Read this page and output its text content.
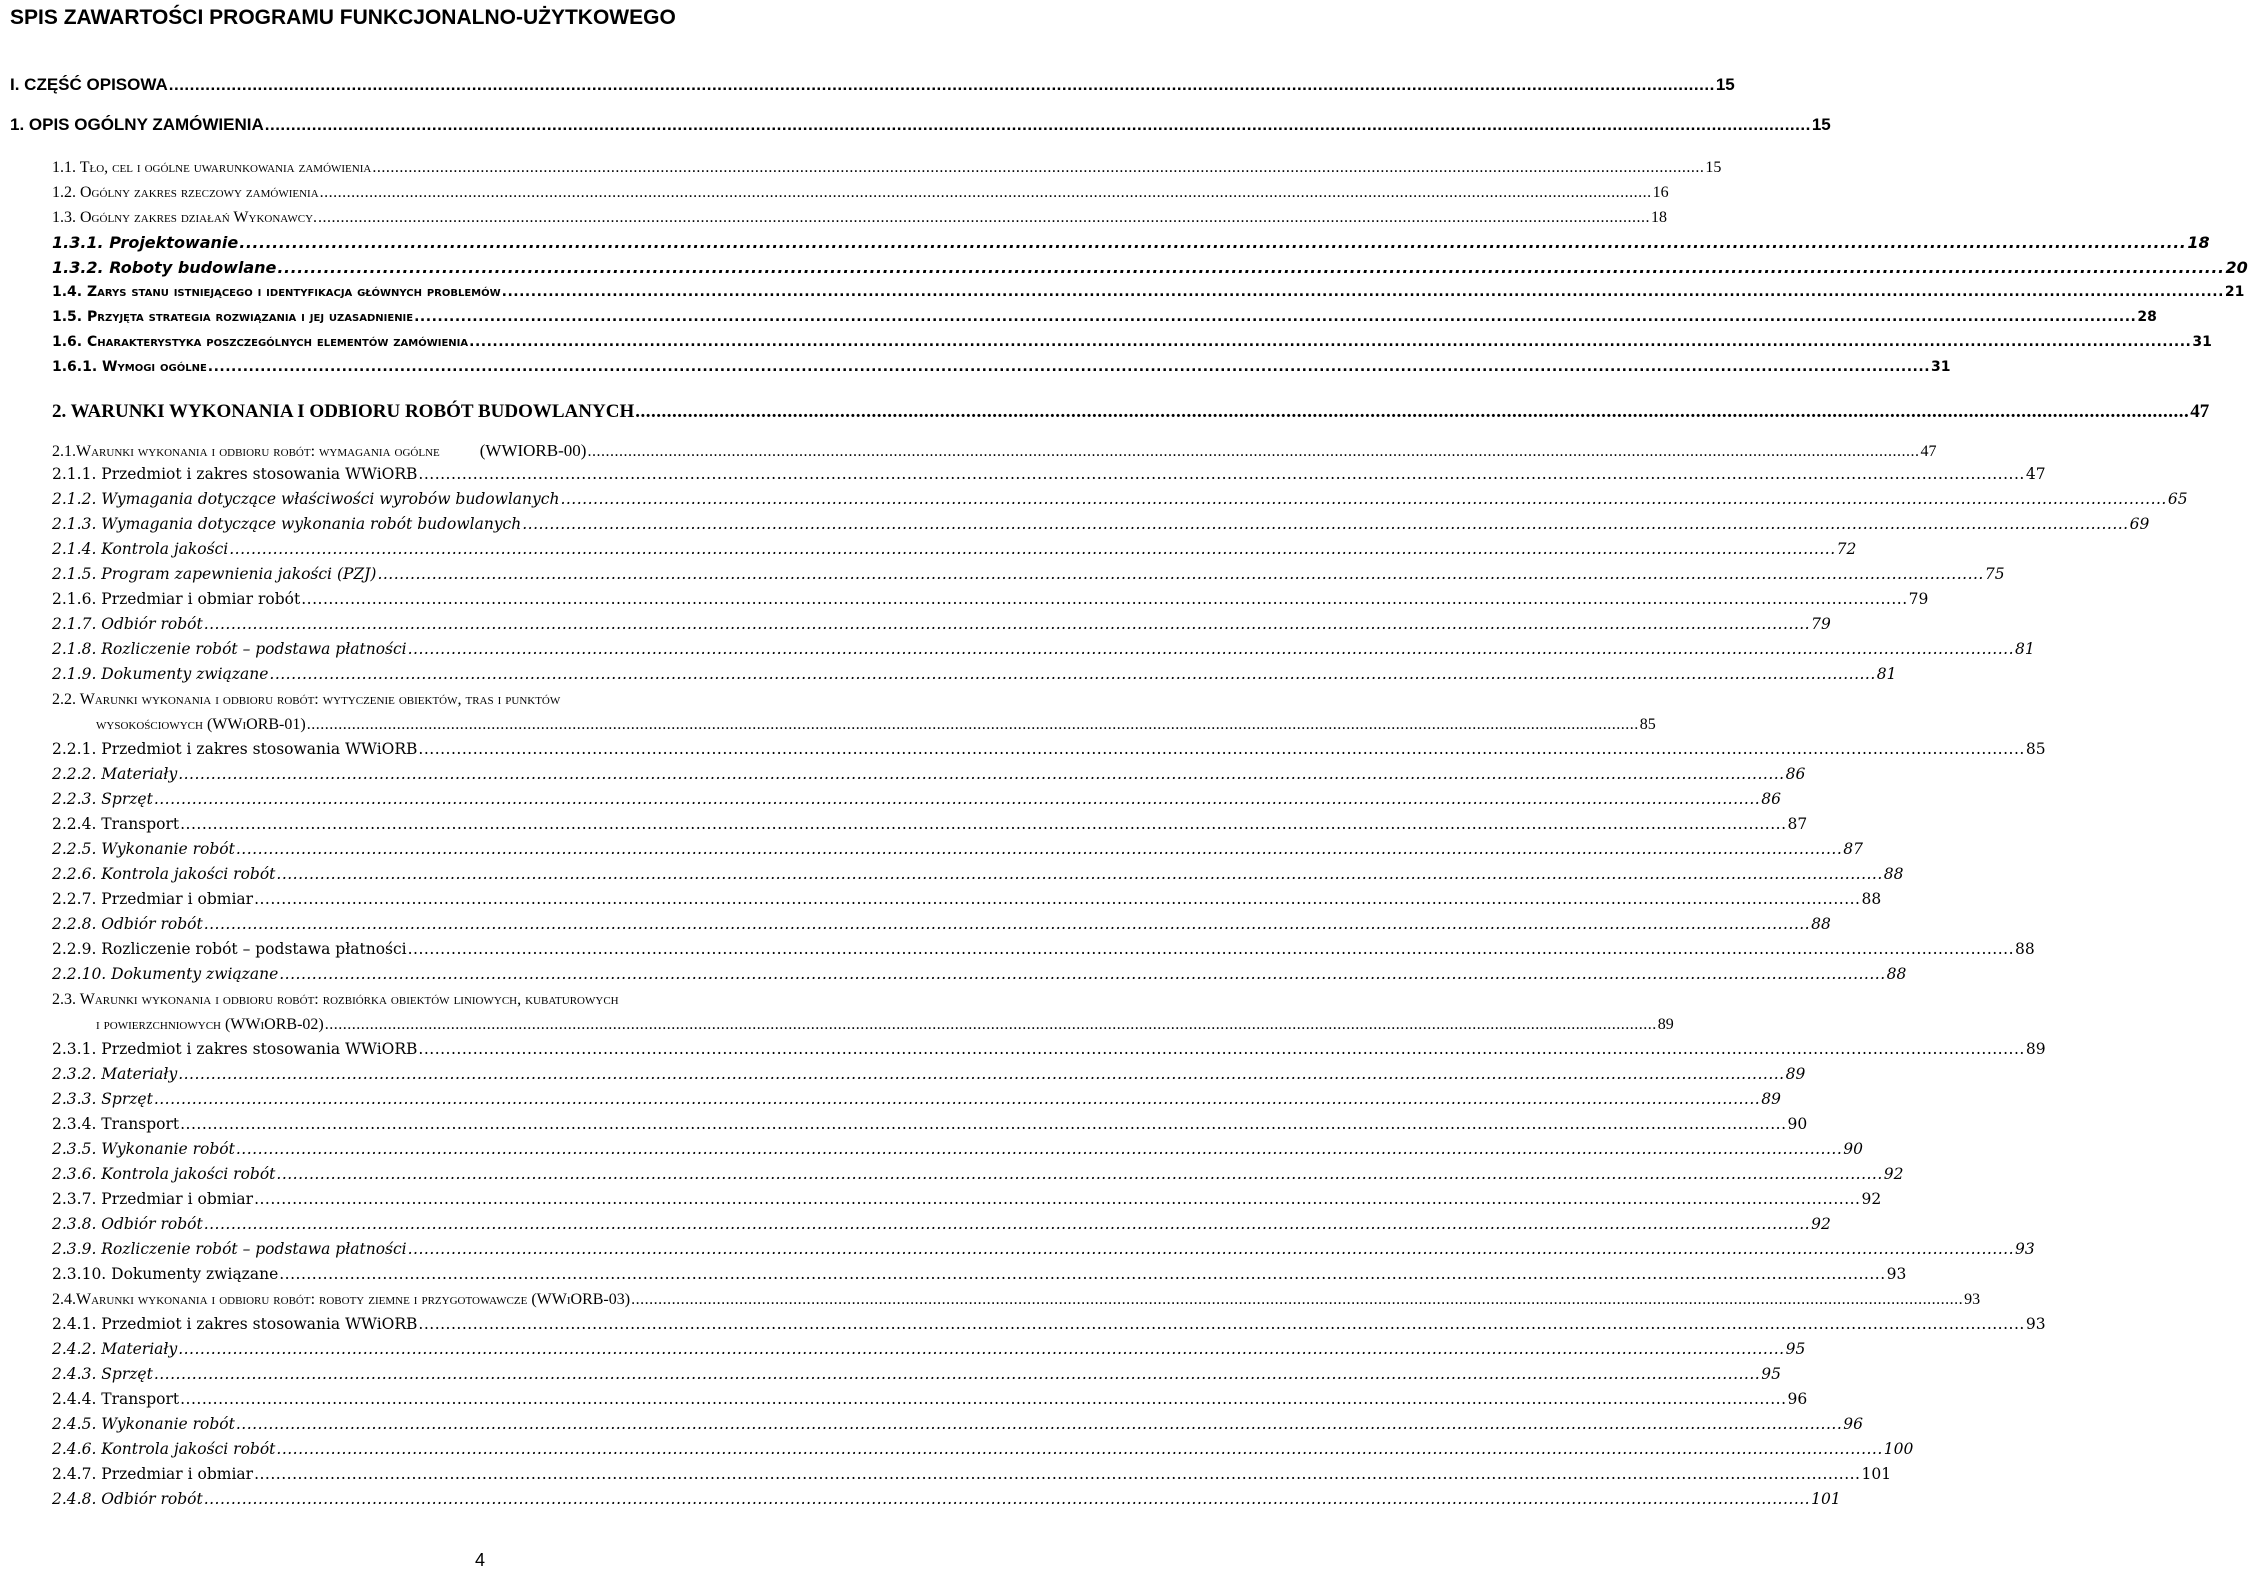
SPIS ZAWARTOŚCI PROGRAMU FUNKCJONALNO-UŻYTKOWEGO
I. CZĘŚĆ OPISOWA .....	15
1. OPIS OGÓLNY ZAMÓWIENIA .....	15
1.1. Tło, cel i ogólne uwarunkowania zamówienia .....	15
1.2. Ogólny zakres rzeczowy zamówienia .....	16
1.3. Ogólny zakres działań Wykonawcy. .....	18
1.3.1. Projektowanie .....	18
1.3.2. Roboty budowlane .....	20
1.4. Zarys stanu istniejącego i identyfikacja głównych problemów .....	21
1.5. Przyjęta strategia rozwiązania i jej uzasadnienie .....	28
1.6. Charakterystyka poszczególnych elementów zamówienia .....	31
1.6.1. Wymogi ogólne .....	31
2. WARUNKI WYKONANIA I ODBIORU ROBÓT BUDOWLANYCH .....	47
2.1.Warunki wykonania i odbioru robót: wymagania ogólne (WWIORB-00) .....	47
2.1.1. Przedmiot i zakres stosowania WWiORB .....	47
2.1.2. Wymagania dotyczące właściwości wyrobów budowlanych .....	65
2.1.3. Wymagania dotyczące wykonania robót budowlanych .....	69
2.1.4. Kontrola jakości .....	72
2.1.5. Program zapewnienia jakości (PZJ) .....	75
2.1.6. Przedmiar i obmiar robót .....	79
2.1.7. Odbiór robót .....	79
2.1.8. Rozliczenie robót – podstawa płatności .....	81
2.1.9. Dokumenty związane .....	81
2.2. Warunki wykonania i odbioru robót: wytyczenie obiektów, tras i punktów
wysokościowych (WWiORB-01) .....	85
2.2.1. Przedmiot i zakres stosowania WWiORB .....	85
2.2.2. Materiały .....	86
2.2.3. Sprzęt .....	86
2.2.4. Transport .....	87
2.2.5. Wykonanie robót .....	87
2.2.6. Kontrola jakości robót .....	88
2.2.7. Przedmiar i obmiar .....	88
2.2.8. Odbiór robót .....	88
2.2.9. Rozliczenie robót – podstawa płatności .....	88
2.2.10. Dokumenty związane .....	88
2.3. Warunki wykonania i odbioru robót: rozbiórka obiektów liniowych, kubaturowych
i powierzchniowych (WWiORB-02) .....	89
2.3.1. Przedmiot i zakres stosowania WWiORB .....	89
2.3.2. Materiały .....	89
2.3.3. Sprzęt .....	89
2.3.4. Transport .....	90
2.3.5. Wykonanie robót .....	90
2.3.6. Kontrola jakości robót .....	92
2.3.7. Przedmiar i obmiar .....	92
2.3.8. Odbiór robót .....	92
2.3.9. Rozliczenie robót – podstawa płatności .....	93
2.3.10. Dokumenty związane .....	93
2.4.Warunki wykonania i odbioru robót: roboty ziemne i przygotowawcze (WWiORB-03) .....	93
2.4.1. Przedmiot i zakres stosowania WWiORB .....	93
2.4.2. Materiały .....	95
2.4.3. Sprzęt .....	95
2.4.4. Transport .....	96
2.4.5. Wykonanie robót .....	96
2.4.6. Kontrola jakości robót .....	100
2.4.7. Przedmiar i obmiar .....	101
2.4.8. Odbiór robót .....	101
4
